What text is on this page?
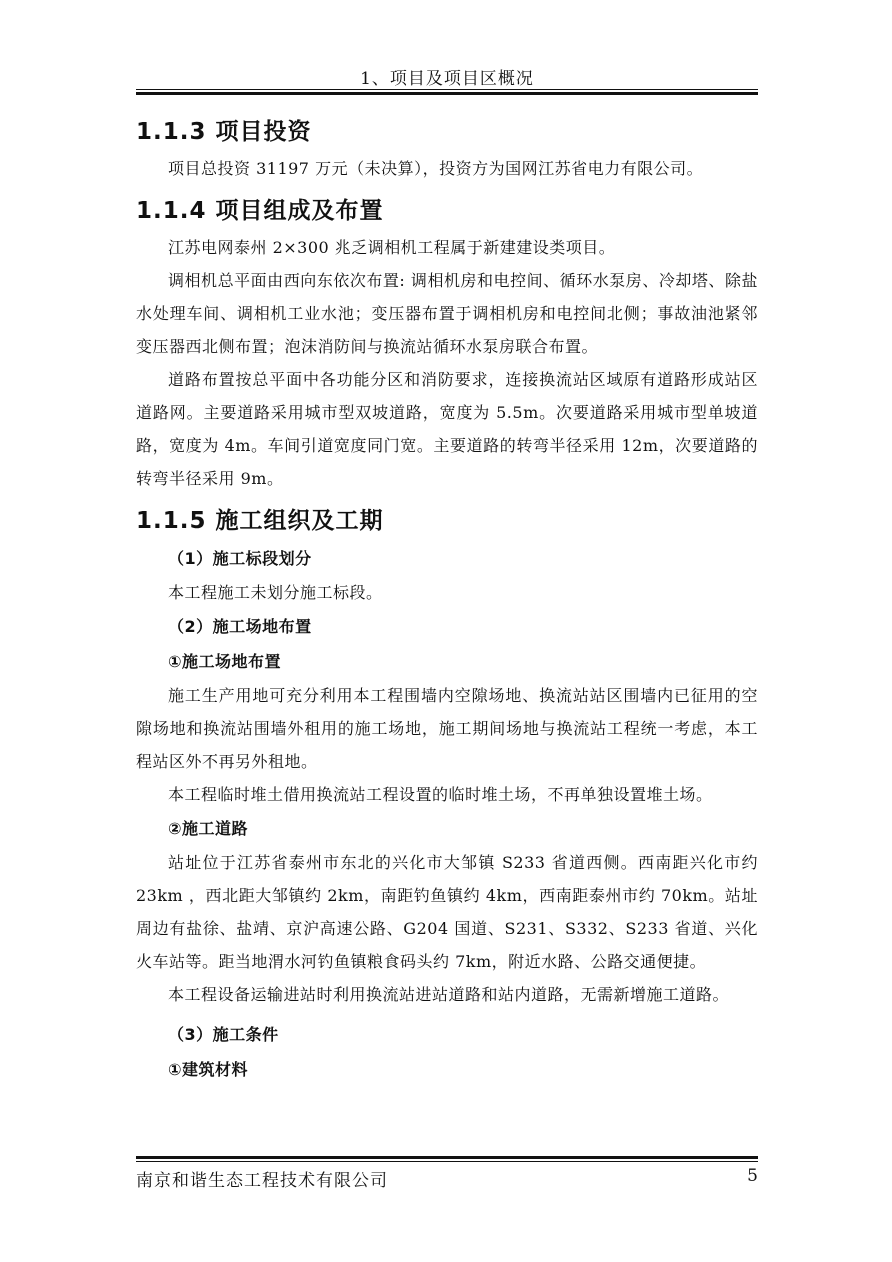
1、项目及项目区概况
1.1.3 项目投资

项目总投资 31197 万元（未决算），投资方为国网江苏省电力有限公司。

1.1.4 项目组成及布置

江苏电网泰州 2×300 兆乏调相机工程属于新建建设类项目。

调相机总平面由西向东依次布置: 调相机房和电控间、循环水泵房、冷却塔、除盐水处理车间、调相机工业水池；变压器布置于调相机房和电控间北侧；事故油池紧邻变压器西北侧布置；泡沫消防间与换流站循环水泵房联合布置。

道路布置按总平面中各功能分区和消防要求，连接换流站区域原有道路形成站区道路网。主要道路采用城市型双坡道路，宽度为 5.5m。次要道路采用城市型单坡道路，宽度为 4m。车间引道宽度同门宽。主要道路的转弯半径采用 12m，次要道路的转弯半径采用 9m。

1.1.5 施工组织及工期
（1）施工标段划分

本工程施工未划分施工标段。

（2）施工场地布置
①施工场地布置

施工生产用地可充分利用本工程围墙内空隙场地、换流站站区围墙内已征用的空隙场地和换流站围墙外租用的施工场地，施工期间场地与换流站工程统一考虑，本工程站区外不再另外租地。

本工程临时堆土借用换流站工程设置的临时堆土场，不再单独设置堆土场。

②施工道路

站址位于江苏省泰州市东北的兴化市大邹镇 S233 省道西侧。西南距兴化市约 23km ，西北距大邹镇约 2km，南距钓鱼镇约 4km，西南距泰州市约 70km。站址周边有盐徐、盐靖、京沪高速公路、G204 国道、S231、S332、S233 省道、兴化火车站等。距当地渭水河钓鱼镇粮食码头约 7km，附近水路、公路交通便捷。

本工程设备运输进站时利用换流站进站道路和站内道路，无需新增施工道路。

（3）施工条件
①建筑材料
南京和谐生态工程技术有限公司	5
